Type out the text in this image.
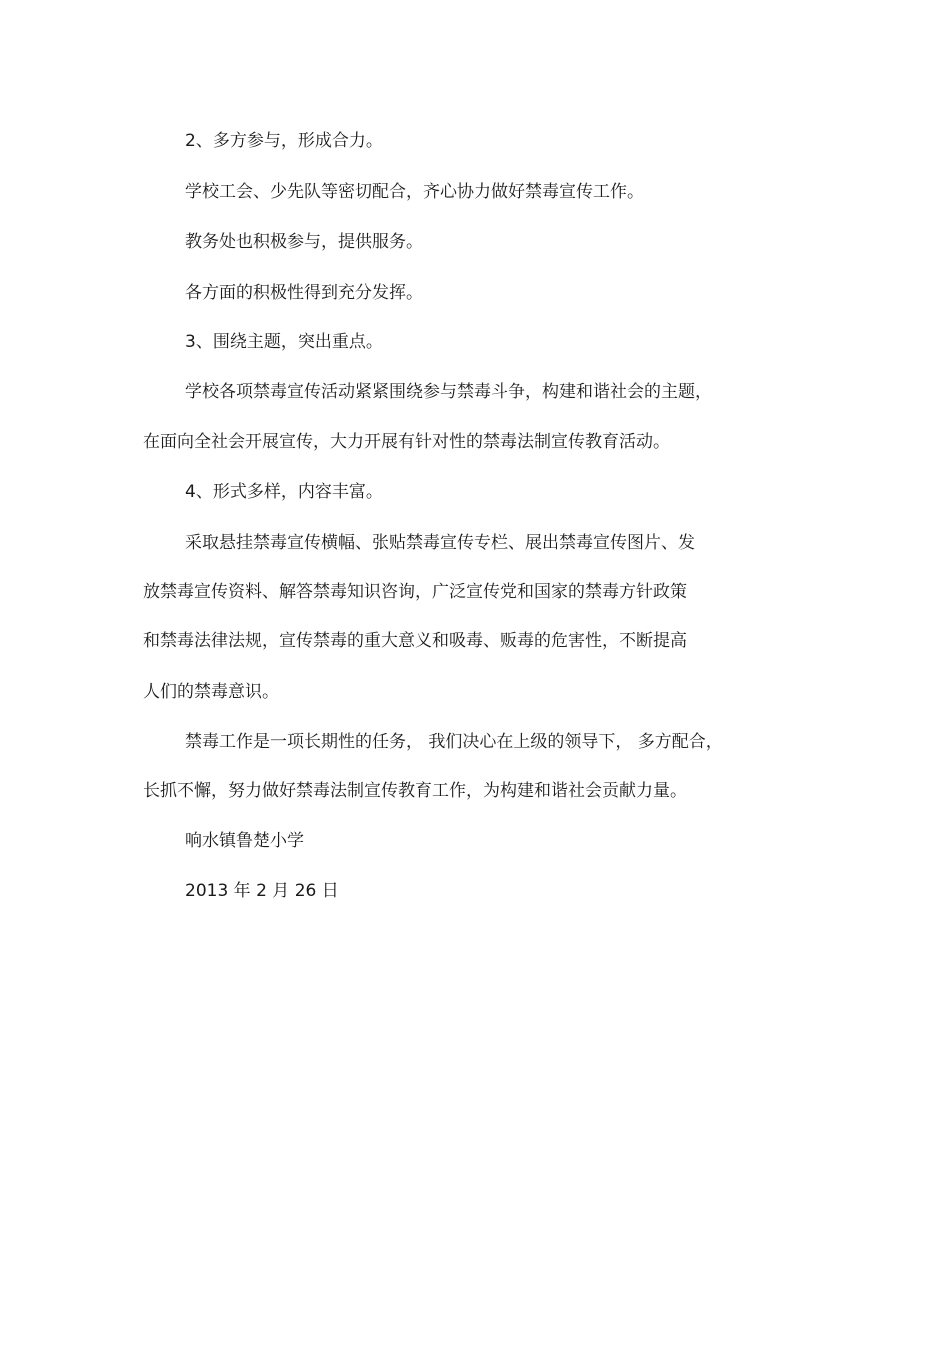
2、多方参与，形成合力。
学校工会、少先队等密切配合，齐心协力做好禁毒宣传工作。
教务处也积极参与，提供服务。
各方面的积极性得到充分发挥。
3、围绕主题，突出重点。
学校各项禁毒宣传活动紧紧围绕参与禁毒斗争，构建和谐社会的主题，
在面向全社会开展宣传，大力开展有针对性的禁毒法制宣传教育活动。
4、形式多样，内容丰富。
采取悬挂禁毒宣传横幅、张贴禁毒宣传专栏、展出禁毒宣传图片、发
放禁毒宣传资料、解答禁毒知识咨询，广泛宣传党和国家的禁毒方针政策
和禁毒法律法规，宣传禁毒的重大意义和吸毒、贩毒的危害性，不断提高
人们的禁毒意识。
禁毒工作是一项长期性的任务， 我们决心在上级的领导下， 多方配合，
长抓不懈，努力做好禁毒法制宣传教育工作，为构建和谐社会贡献力量。
响水镇鲁楚小学
2013 年 2 月 26 日
